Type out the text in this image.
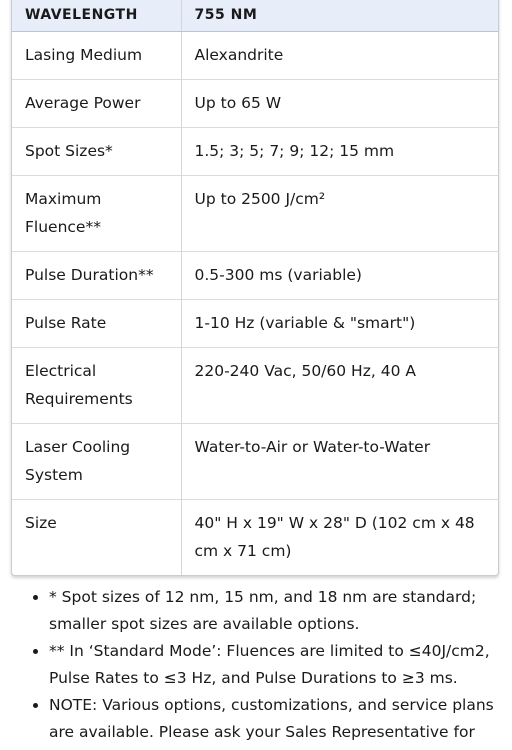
WAVELENGTH	755 NM
Lasing Medium	Alexandrite
Average Power	Up to 65 W
Spot Sizes*	1.5; 3; 5; 7; 9; 12; 15 mm
Maximum Fluence**	Up to 2500 J/cm²
Pulse Duration**	0.5-300 ms (variable)
Pulse Rate	1-10 Hz (variable & "smart")
Electrical Requirements	220-240 Vac, 50/60 Hz, 40 A
Laser Cooling System	Water-to-Air or Water-to-Water
Size	40" H x 19" W x 28" D (102 cm x 48 cm x 71 cm)
• * Spot sizes of 12 nm, 15 nm, and 18 nm are standard; smaller spot sizes are available options.
• ** In ‘Standard Mode’: Fluences are limited to ≤40J/cm2, Pulse Rates to ≤3 Hz, and Pulse Durations to ≥3 ms.
• NOTE: Various options, customizations, and service plans are available. Please ask your Sales Representative for
